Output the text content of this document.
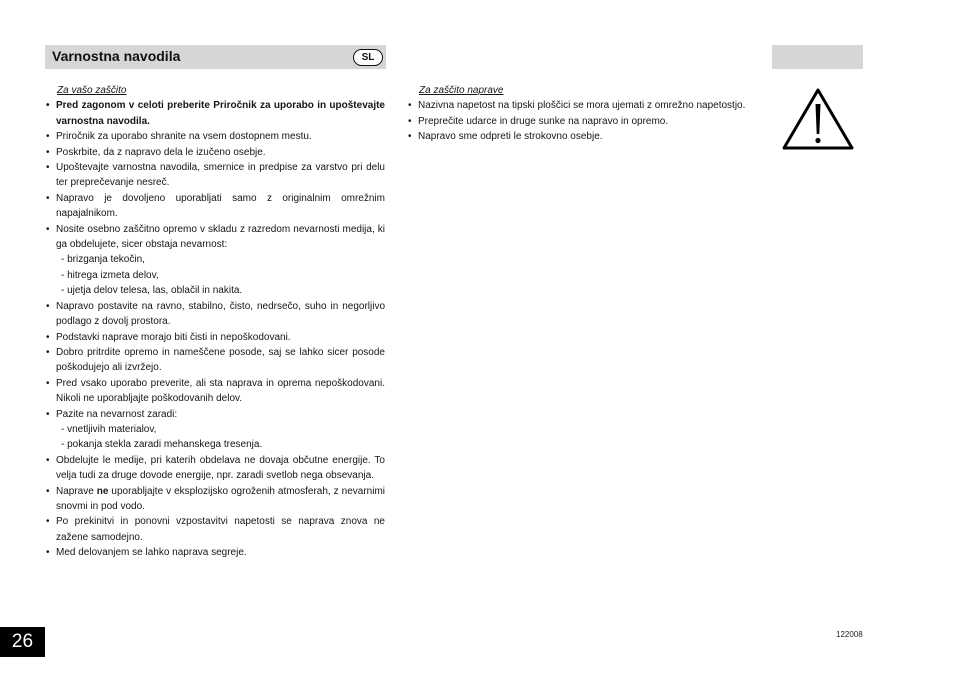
Varnostna navodila	SL
Za vašo zaščito
• Pred zagonom v celoti preberite Priročnik za uporabo in upoštevajte varnostna navodila.
• Priročnik za uporabo shranite na vsem dostopnem mestu.
• Poskrbite, da z napravo dela le izučeno osebje.
• Upoštevajte varnostna navodila, smernice in predpise za varstvo pri delu ter preprečevanje nesreč.
• Napravo je dovoljeno uporabljati samo z originalnim omrežnim napajalnikom.
• Nosite osebno zaščitno opremo v skladu z razredom nevarnosti medija, ki ga obdelujete, sicer obstaja nevarnost:
- brizganja tekočin,
- hitrega izmeta delov,
- ujetja delov telesa, las, oblačil in nakita.
• Napravo postavite na ravno, stabilno, čisto, nedrsečo, suho in negorljivo podlago z dovolj prostora.
• Podstavki naprave morajo biti čisti in nepoškodovani.
• Dobro pritrdite opremo in nameščene posode, saj se lahko sicer posode poškodujejo ali izvržejo.
• Pred vsako uporabo preverite, ali sta naprava in oprema nepoškodovani. Nikoli ne uporabljajte poškodovanih delov.
• Pazite na nevarnost zaradi:
- vnetljivih materialov,
- pokanja stekla zaradi mehanskega tresenja.
• Obdelujte le medije, pri katerih obdelava ne dovaja občutne energije. To velja tudi za druge dovode energije, npr. zaradi svetlob nega obsevanja.
• Naprave ne uporabljajte v eksplozijsko ogroženih atmosferah, z nevarnimi snovmi in pod vodo.
• Po prekinitvi in ponovni vzpostavitvi napetosti se naprava znova ne zažene samodejno.
• Med delovanjem se lahko naprava segreje.
Za zaščito naprave
• Nazivna napetost na tipski ploščici se mora ujemati z omrežno napetostjo.
• Preprečite udarce in druge sunke na napravo in opremo.
• Napravo sme odpreti le strokovno osebje.
26	122008
